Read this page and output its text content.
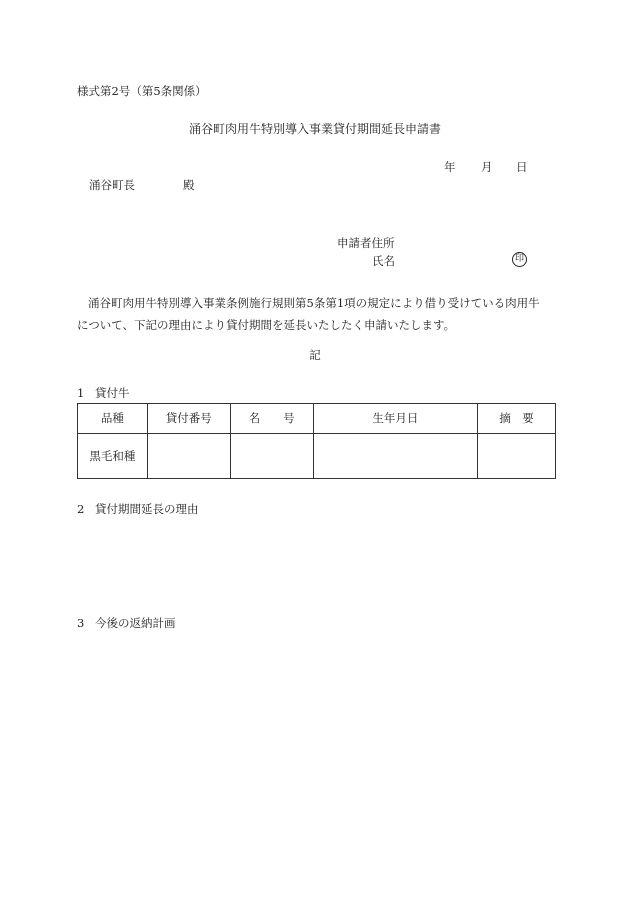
様式第2号（第5条関係）
涌谷町肉用牛特別導入事業貸付期間延長申請書
年 月 日
涌谷町長	殿
申請者住所
氏名	印

涌谷町肉用牛特別導入事業条例施行規則第5条第1項の規定により借り受けている肉用牛

について、下記の理由により貸付期間を延長いたしたく申請いたします。

記
1 貸付牛
品種	貸付番号	名　　号	生年月日	摘　要
黒毛和種				
2 貸付期間延長の理由
3 今後の返納計画
